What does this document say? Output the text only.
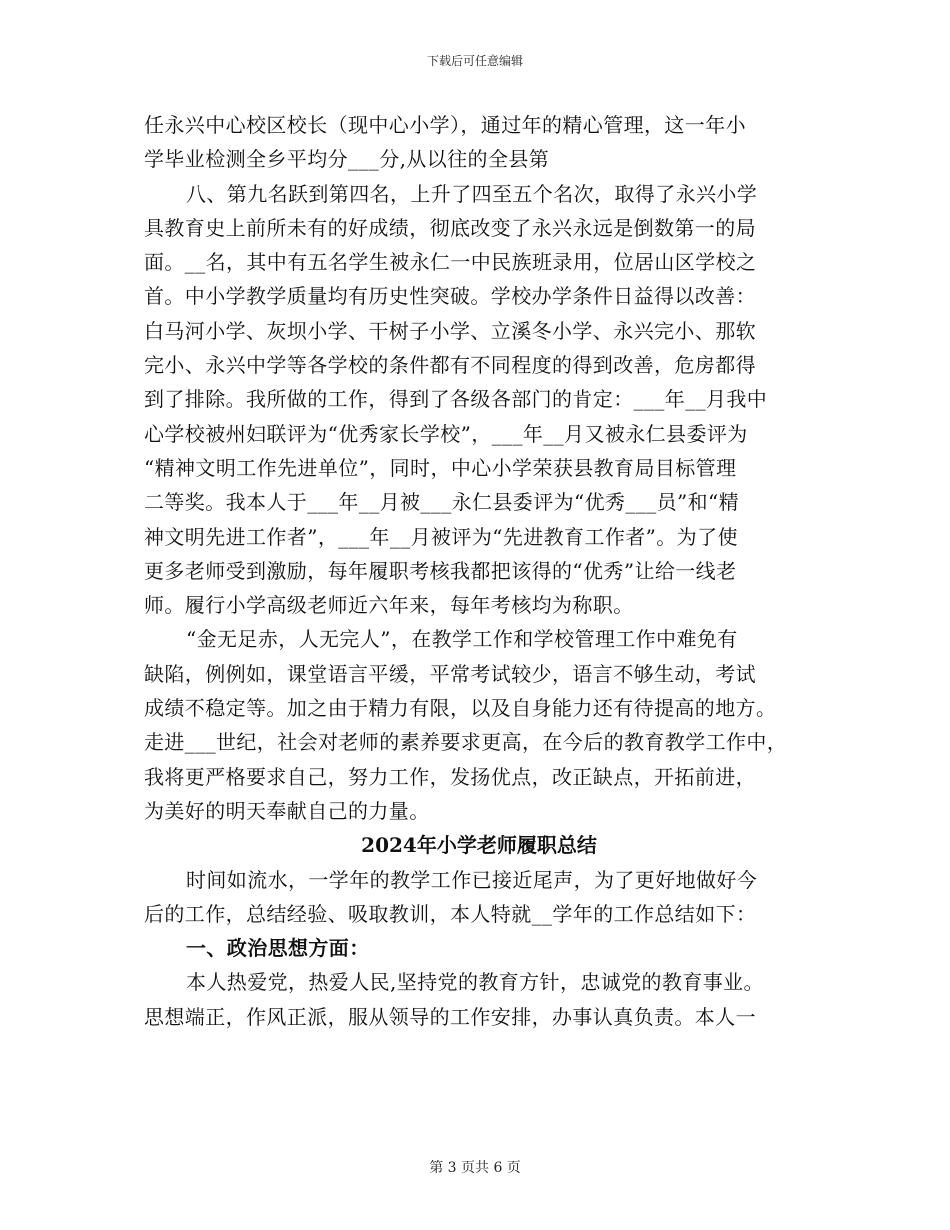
下载后可任意编辑
任永兴中心校区校长（现中心小学），通过年的精心管理，这一年小
学毕业检测全乡平均分___分,从以往的全县第
八、第九名跃到第四名，上升了四至五个名次，取得了永兴小学
具教育史上前所未有的好成绩，彻底改变了永兴永远是倒数第一的局
面。__名，其中有五名学生被永仁一中民族班录用，位居山区学校之
首。中小学教学质量均有历史性突破。学校办学条件日益得以改善：
白马河小学、灰坝小学、干树子小学、立溪冬小学、永兴完小、那软
完小、永兴中学等各学校的条件都有不同程度的得到改善，危房都得
到了排除。我所做的工作，得到了各级各部门的肯定：___年__月我中
心学校被州妇联评为“优秀家长学校”，___年__月又被永仁县委评为
“精神文明工作先进单位”，同时，中心小学荣获县教育局目标管理
二等奖。我本人于___年__月被___永仁县委评为“优秀___员”和“精
神文明先进工作者”，___年__月被评为“先进教育工作者”。为了使
更多老师受到激励，每年履职考核我都把该得的“优秀”让给一线老
师。履行小学高级老师近六年来，每年考核均为称职。
“金无足赤，人无完人”，在教学工作和学校管理工作中难免有
缺陷，例例如，课堂语言平缓，平常考试较少，语言不够生动，考试
成绩不稳定等。加之由于精力有限，以及自身能力还有待提高的地方。
走进___世纪，社会对老师的素养要求更高，在今后的教育教学工作中，
我将更严格要求自己，努力工作，发扬优点，改正缺点，开拓前进，
为美好的明天奉献自己的力量。
2024年小学老师履职总结
时间如流水，一学年的教学工作已接近尾声，为了更好地做好今
后的工作，总结经验、吸取教训，本人特就__学年的工作总结如下：
一、政治思想方面：
本人热爱党，热爱人民,坚持党的教育方针，忠诚党的教育事业。
思想端正，作风正派，服从领导的工作安排，办事认真负责。本人一
第 3 页共 6 页
